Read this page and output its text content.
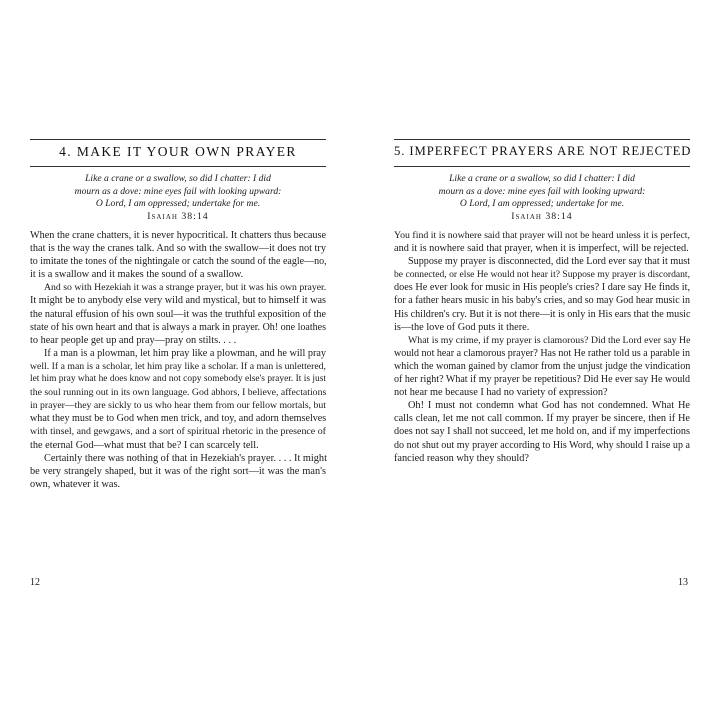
4. MAKE IT YOUR OWN PRAYER
Like a crane or a swallow, so did I chatter: I did
mourn as a dove: mine eyes fail with looking upward:
O Lord, I am oppressed; undertake for me.
Isaiah 38:14
When the crane chatters, it is never hypocritical. It chatters thus because
that is the way the cranes talk. And so with the swallow—it does not try
to imitate the tones of the nightingale or catch the sound of the eagle—no,
it is a swallow and it makes the sound of a swallow.
And so with Hezekiah it was a strange prayer, but it was his own prayer.
It might be to anybody else very wild and mystical, but to himself it was
the natural effusion of his own soul—it was the truthful exposition of the
state of his own heart and that is always a mark in prayer. Oh! one loathes
to hear people get up and pray—pray on stilts. . . .
If a man is a plowman, let him pray like a plowman, and he will pray
well. If a man is a scholar, let him pray like a scholar. If a man is unlettered,
let him pray what he does know and not copy somebody else's prayer. It is just
the soul running out in its own language. God abhors, I believe, affectations
in prayer—they are sickly to us who hear them from our fellow mortals, but
what they must be to God when men trick, and toy, and adorn themselves
with tinsel, and gewgaws, and a sort of spiritual rhetoric in the presence of
the eternal God—what must that be? I can scarcely tell.
Certainly there was nothing of that in Hezekiah's prayer. . . . It might
be very strangely shaped, but it was of the right sort—it was the man's
own, whatever it was.
12
5. IMPERFECT PRAYERS ARE NOT REJECTED
Like a crane or a swallow, so did I chatter: I did
mourn as a dove: mine eyes fail with looking upward:
O Lord, I am oppressed; undertake for me.
Isaiah 38:14
You find it is nowhere said that prayer will not be heard unless it is perfect,
and it is nowhere said that prayer, when it is imperfect, will be rejected.
Suppose my prayer is disconnected, did the Lord ever say that it must
be connected, or else He would not hear it? Suppose my prayer is discordant,
does He ever look for music in His people's cries? I dare say He finds it,
for a father hears music in his baby's cries, and so may God hear music in
His children's cry. But it is not there—it is only in His ears that the music
is—the love of God puts it there.
What is my crime, if my prayer is clamorous? Did the Lord ever say He
would not hear a clamorous prayer? Has not He rather told us a parable in
which the woman gained by clamor from the unjust judge the vindication
of her right? What if my prayer be repetitious? Did He ever say He would
not hear me because I had no variety of expression?
Oh! I must not condemn what God has not condemned. What He
calls clean, let me not call common. If my prayer be sincere, then if He
does not say I shall not succeed, let me hold on, and if my imperfections
do not shut out my prayer according to His Word, why should I raise up a
fancied reason why they should?
13
